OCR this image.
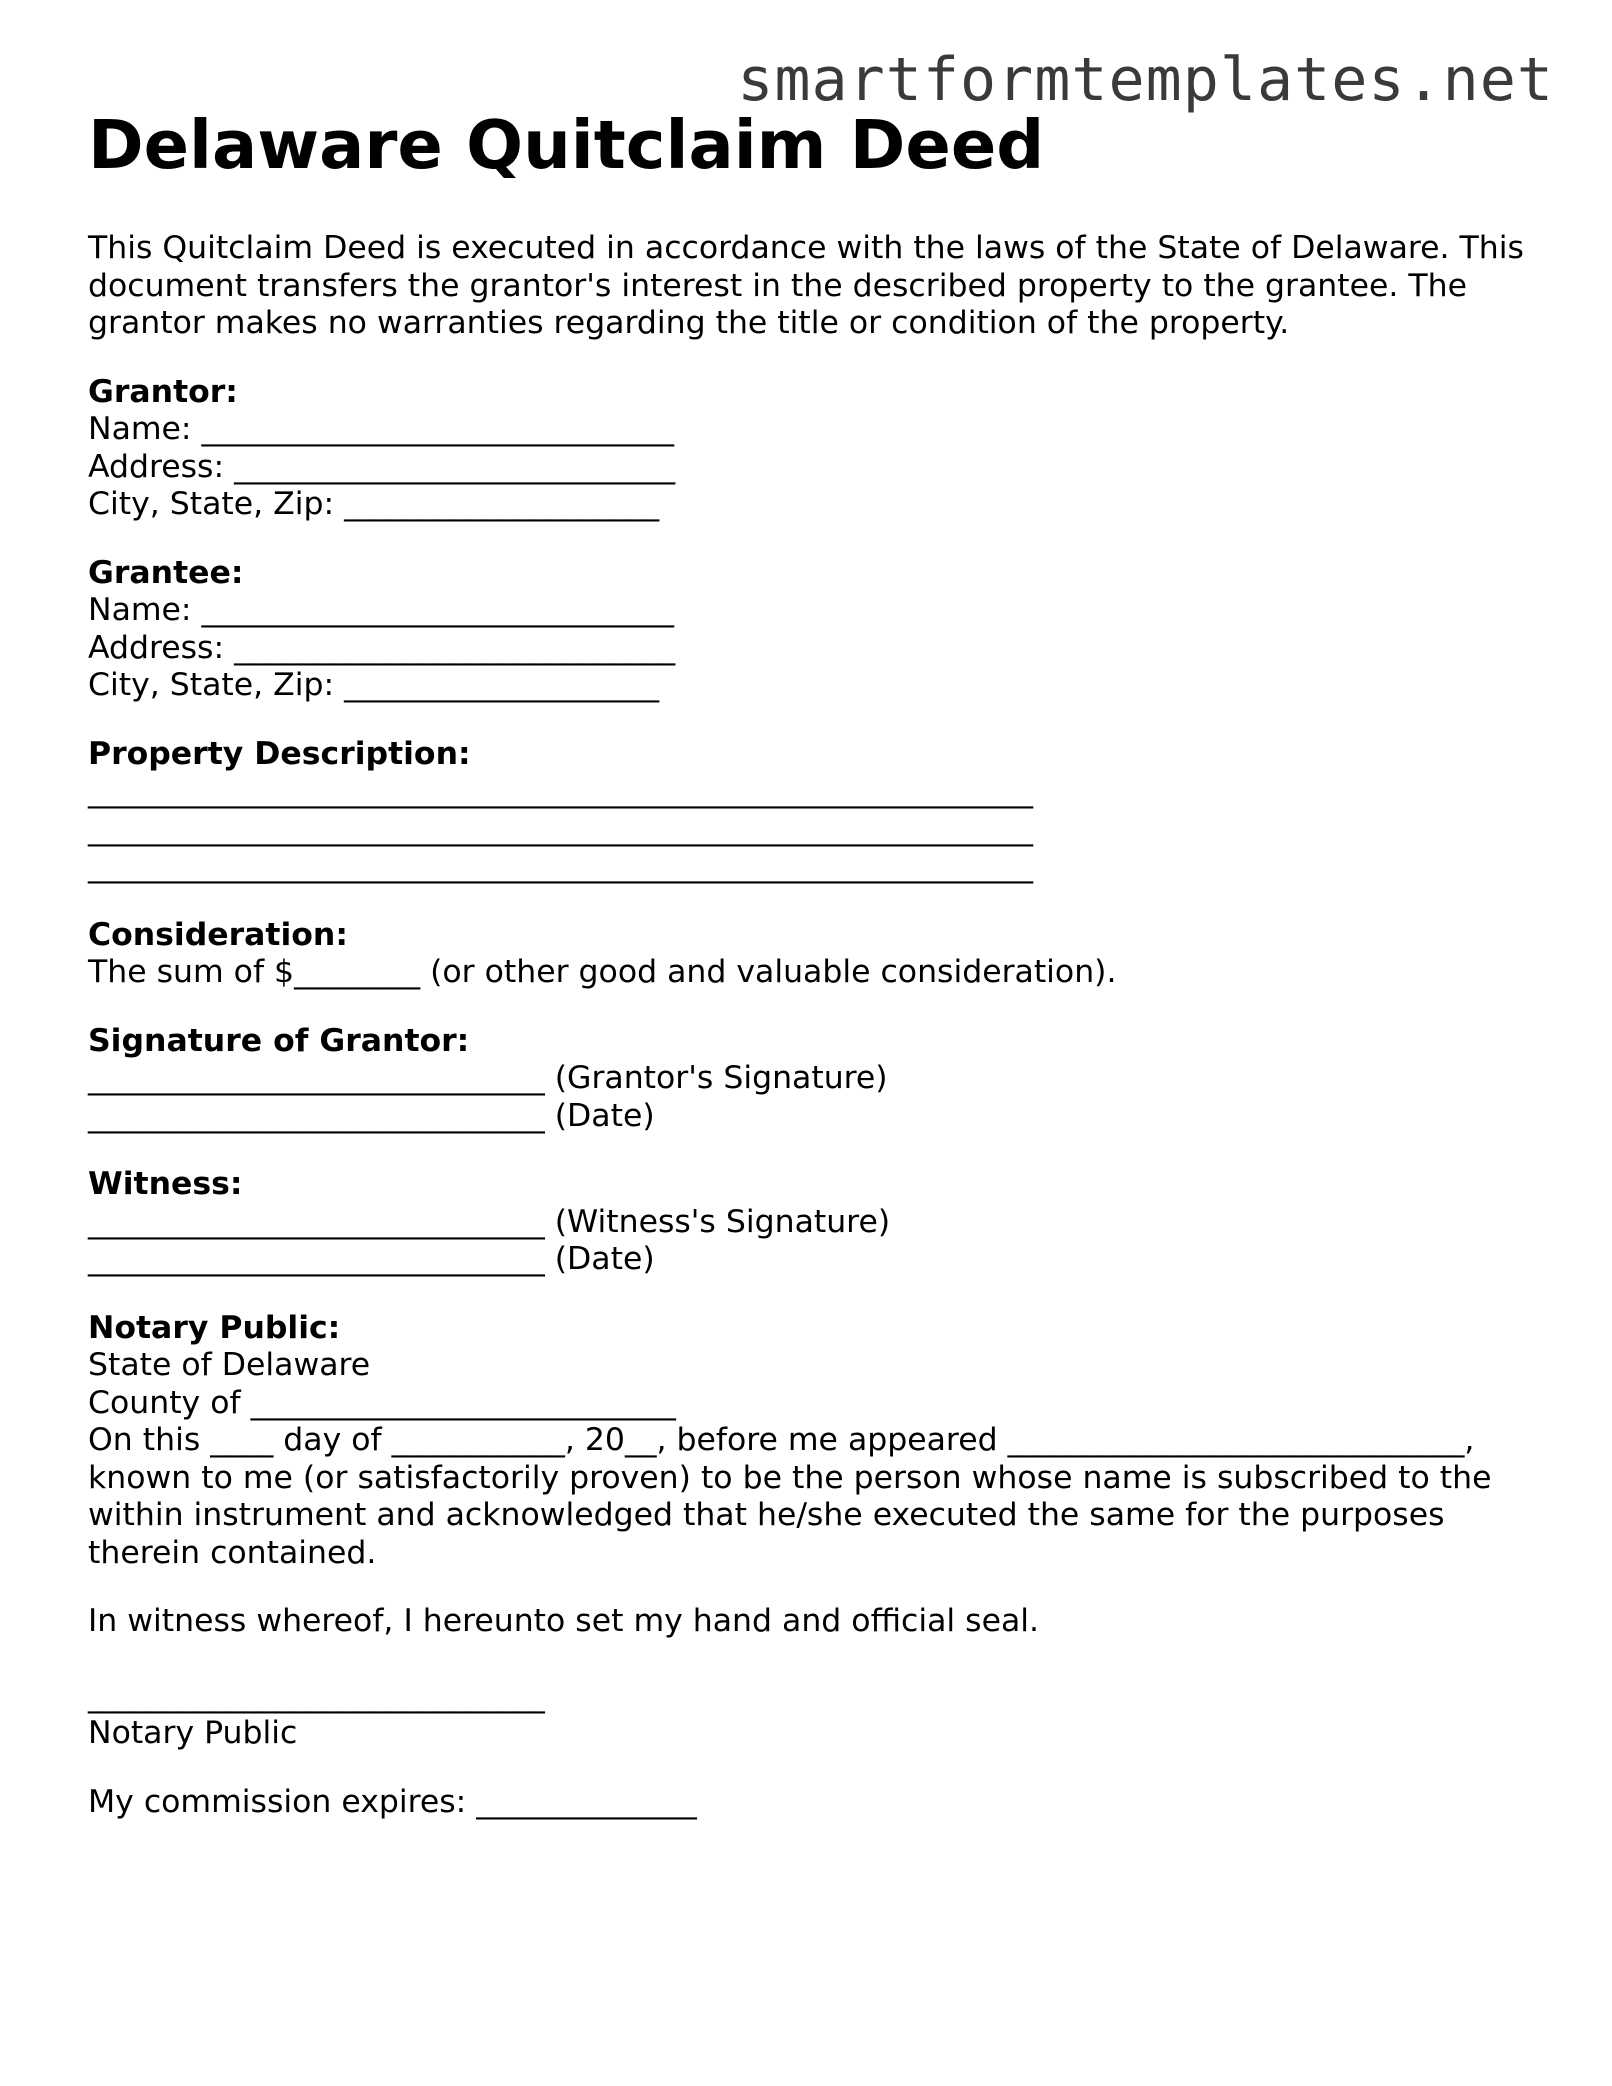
smartformtemplates.net
Delaware Quitclaim Deed

This Quitclaim Deed is executed in accordance with the laws of the State of Delaware. This document transfers the grantor's interest in the described property to the grantee. The grantor makes no warranties regarding the title or condition of the property.

Grantor:

Name: ______________________________

Address: ____________________________

City, State, Zip: ____________________

Grantee:

Name: ______________________________

Address: ____________________________

City, State, Zip: ____________________

Property Description:

____________________________________________________________

____________________________________________________________

____________________________________________________________

Consideration:

The sum of $________ (or other good and valuable consideration).

Signature of Grantor:

_____________________________ (Grantor's Signature)

_____________________________ (Date)

Witness:

_____________________________ (Witness's Signature)

_____________________________ (Date)

Notary Public:

State of Delaware

County of ___________________________

On this ____ day of ___________, 20__, before me appeared _____________________________,

known to me (or satisfactorily proven) to be the person whose name is subscribed to the within instrument and acknowledged that he/she executed the same for the purposes therein contained.

In witness whereof, I hereunto set my hand and official seal.

_____________________________

Notary Public

My commission expires: ______________
